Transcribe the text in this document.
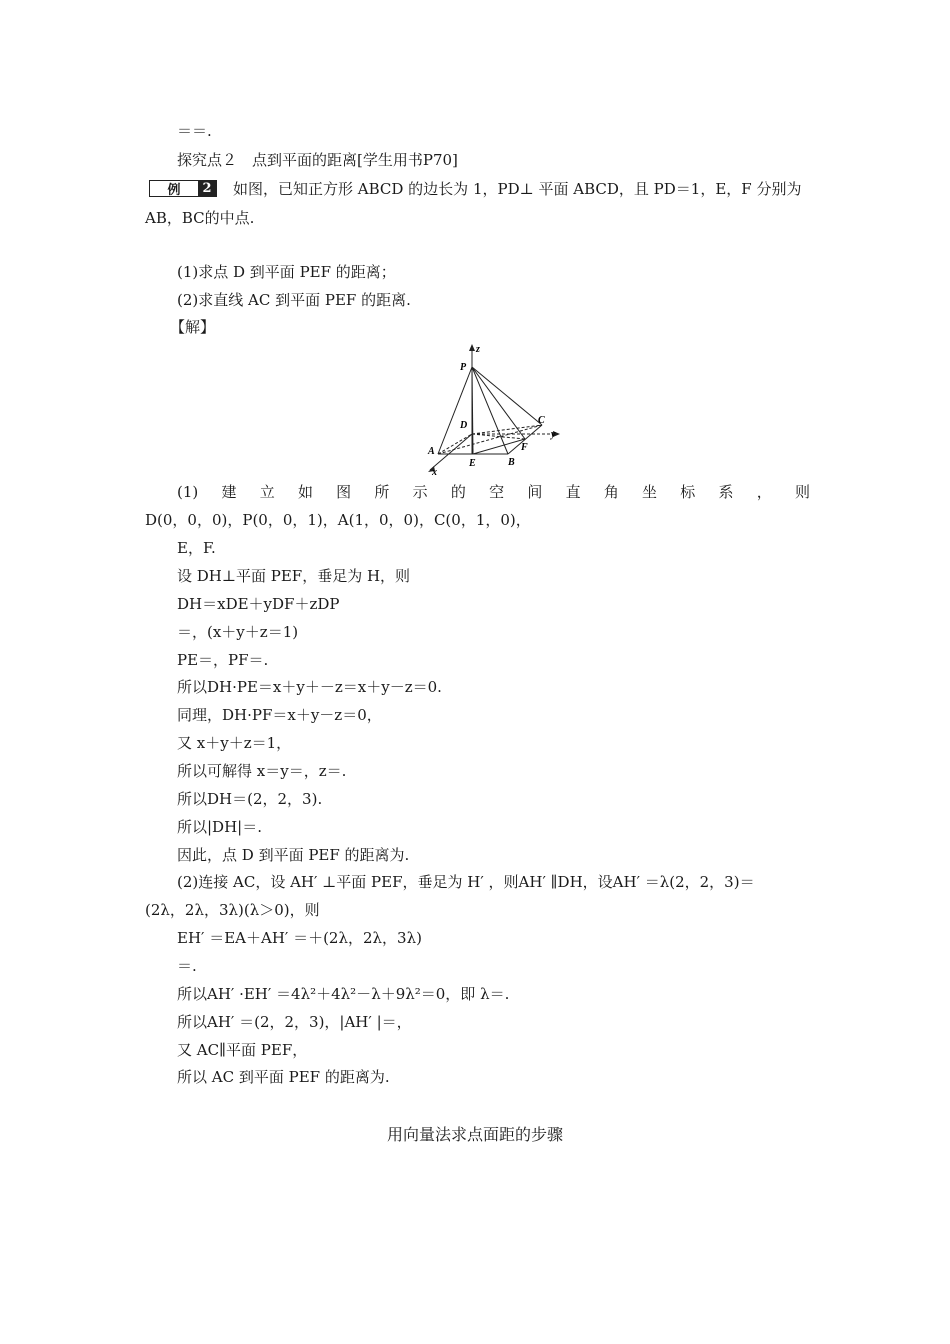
＝＝.
探究点２　点到平面的距离[学生用书P70]
例	2 　如图，已知正方形 ABCD 的边长为 1，PD⊥ 平面 ABCD，且 PD＝1，E，F 分别为
AB，BC的中点.
(1)求点 D 到平面 PEF 的距离；
(2)求直线 AC 到平面 PEF 的距离.
【解】
z
P
D	C
y
A
E	B
F
x
(1) 建 立 如 图 所 示 的 空 间 直 角 坐 标 系 ， 则
D(0，0，0)，P(0，0，1)，A(1，0，0)，C(0，1，0)，
E，F.
设 DH⊥平面 PEF，垂足为 H，则
DH＝xDE＋yDF＋zDP
＝，(x＋y＋z＝1)
PE＝，PF＝.
所以DH·PE＝x＋y＋－z＝x＋y－z＝0.
同理，DH·PF＝x＋y－z＝0，
又 x＋y＋z＝1，
所以可解得 x＝y＝，z＝.
所以DH＝(2，2，3).
所以|DH|＝.
因此，点 D 到平面 PEF 的距离为.
(2)连接 AC，设 AH′ ⊥平面 PEF，垂足为 H′ ，则AH′ ∥DH，设AH′ ＝λ(2，2，3)＝
(2λ，2λ，3λ)(λ＞0)，则
EH′ ＝EA＋AH′ ＝＋(2λ，2λ，3λ)
＝.
所以AH′ ·EH′ ＝4λ²＋4λ²－λ＋9λ²＝0，即 λ＝.
所以AH′ ＝(2，2，3)，|AH′ |＝，
又 AC∥平面 PEF，
所以 AC 到平面 PEF 的距离为.
用向量法求点面距的步骤
